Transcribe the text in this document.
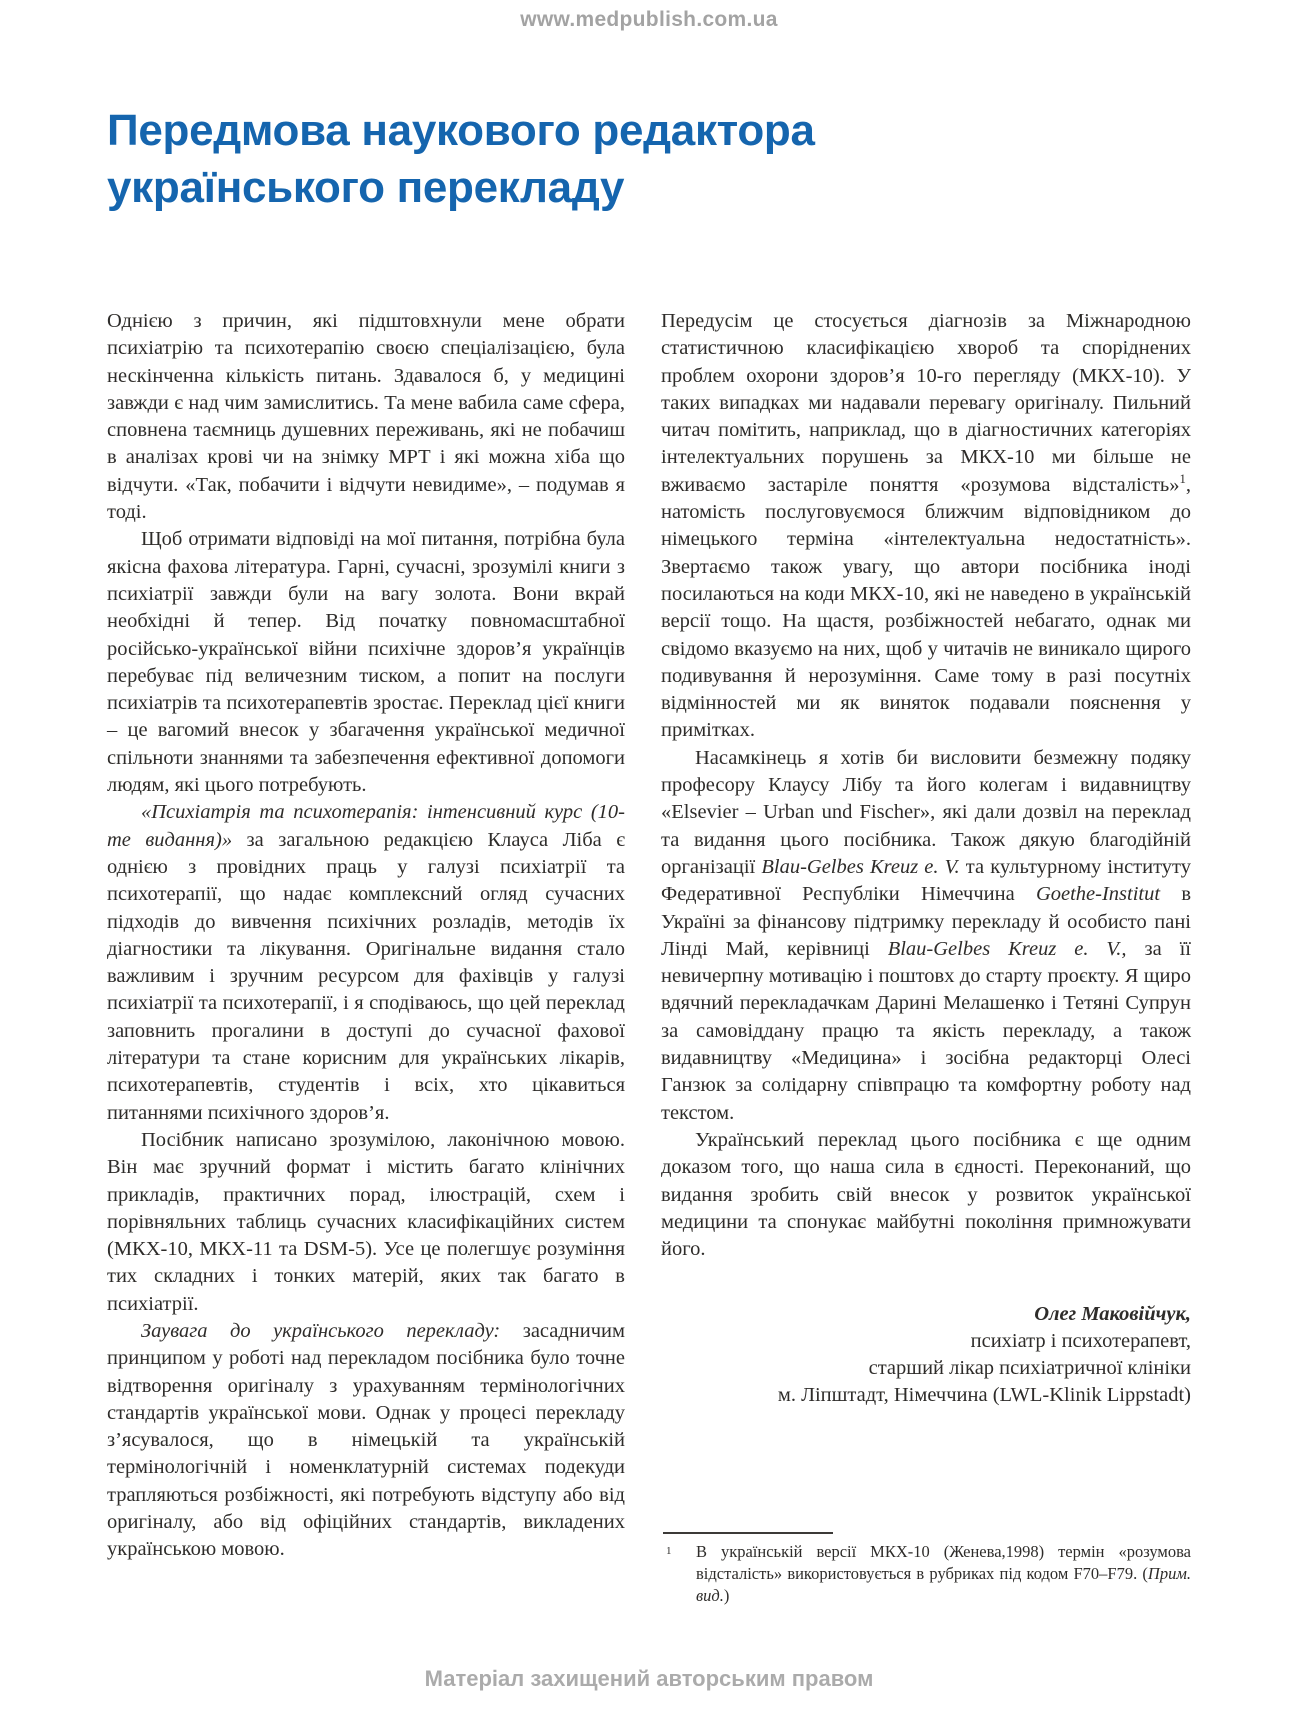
www.medpublish.com.ua
Передмова наукового редактора
українського перекладу

Однією з причин, які підштовхнули мене обрати психіатрію та психотерапію своєю спеціалізацією, була нескінченна кількість питань. Здавалося б, у медицині завжди є над чим замислитись. Та мене вабила саме сфера, сповнена таємниць душевних переживань, які не побачиш в аналізах крові чи на знімку МРТ і які можна хіба що відчути. «Так, побачити і відчути невидиме», – подумав я тоді.

Щоб отримати відповіді на мої питання, потрібна була якісна фахова література. Гарні, сучасні, зрозумілі книги з психіатрії завжди були на вагу золота. Вони вкрай необхідні й тепер. Від початку повномасштабної російсько-української війни психічне здоров’я українців перебуває під величезним тиском, а попит на послуги психіатрів та психотерапевтів зростає. Переклад цієї книги – це вагомий внесок у збагачення української медичної спільноти знаннями та забезпечення ефективної допомоги людям, які цього потребують.

«Психіатрія та психотерапія: інтенсивний курс (10-те видання)» за загальною редакцією Клауса Ліба є однією з провідних праць у галузі психіатрії та психотерапії, що надає комплексний огляд сучасних підходів до вивчення психічних розладів, методів їх діагностики та лікування. Оригінальне видання стало важливим і зручним ресурсом для фахівців у галузі психіатрії та психотерапії, і я сподіваюсь, що цей переклад заповнить прогалини в доступі до сучасної фахової літератури та стане корисним для українських лікарів, психотерапевтів, студентів і всіх, хто цікавиться питаннями психічного здоров’я.

Посібник написано зрозумілою, лаконічною мовою. Він має зручний формат і містить багато клінічних прикладів, практичних порад, ілюстрацій, схем і порівняльних таблиць сучасних класифікаційних систем (МКХ-10, МКХ-11 та DSM-5). Усе це полегшує розуміння тих складних і тонких матерій, яких так багато в психіатрії.

Заувага до українського перекладу: засадничим принципом у роботі над перекладом посібника було точне відтворення оригіналу з урахуванням термінологічних стандартів української мови. Однак у процесі перекладу з’ясувалося, що в німецькій та українській термінологічній і номенклатурній системах подекуди трапляються розбіжності, які потребують відступу або від оригіналу, або від офіційних стандартів, викладених українською мовою.

Передусім це стосується діагнозів за Міжнародною статистичною класифікацією хвороб та споріднених проблем охорони здоров’я 10-го перегляду (МКХ-10). У таких випадках ми надавали перевагу оригіналу. Пильний читач помітить, наприклад, що в діагностичних категоріях інтелектуальних порушень за МКХ-10 ми більше не вживаємо застаріле поняття «розумова відсталість»$^1$, натомість послуговуємося ближчим відповідником до німецького терміна «інтелектуальна недостатність». Звертаємо також увагу, що автори посібника іноді посилаються на коди МКХ-10, які не наведено в українській версії тощо. На щастя, розбіжностей небагато, однак ми свідомо вказуємо на них, щоб у читачів не виникало щирого подивування й нерозуміння. Саме тому в разі посутніх відмінностей ми як виняток подавали пояснення у примітках.

Насамкінець я хотів би висловити безмежну подяку професору Клаусу Лібу та його колегам і видавництву «Elsevier – Urban und Fischer», які дали дозвіл на переклад та видання цього посібника. Також дякую благодійній організації Blau-Gelbes Kreuz e. V. та культурному інституту Федеративної Республіки Німеччина Goethe-Institut в Україні за фінансову підтримку перекладу й особисто пані Лінді Май, керівниці Blau-Gelbes Kreuz e. V., за її невичерпну мотивацію і поштовх до старту проєкту. Я щиро вдячний перекладачкам Дарині Мелашенко і Тетяні Супрун за самовіддану працю та якість перекладу, а також видавництву «Медицина» і зосібна редакторці Олесі Ганзюк за солідарну співпрацю та комфортну роботу над текстом.

Український переклад цього посібника є ще одним доказом того, що наша сила в єдності. Переконаний, що видання зробить свій внесок у розвиток української медицини та спонукає майбутні покоління примножувати його.

Олег Маковійчук,

психіатр і психотерапевт,

старший лікар психіатричної клініки

м. Ліпштадт, Німеччина (LWL-Klinik Lippstadt)

1 В українській версії МКХ-10 (Женева,1998) термін «розумова відсталість» використовується в рубриках під кодом F70–F79. (Прим. вид.)

Матеріал захищений авторським правом
